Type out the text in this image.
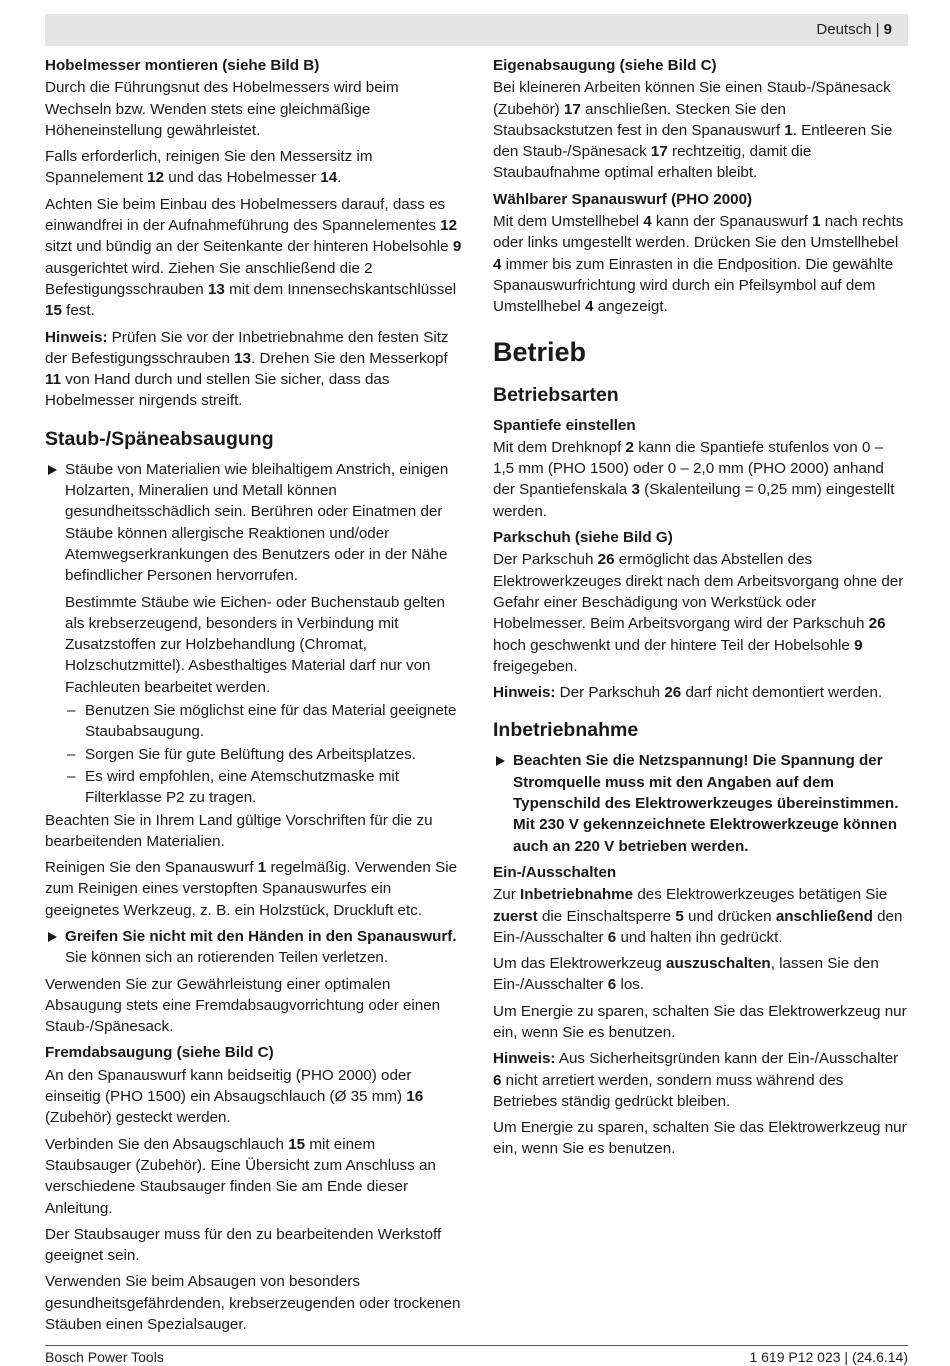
Deutsch | 9

Hobelmesser montieren (siehe Bild B)

Durch die Führungsnut des Hobelmessers wird beim Wechseln bzw. Wenden stets eine gleichmäßige Höheneinstellung gewährleistet.

Falls erforderlich, reinigen Sie den Messersitz im Spannelement 12 und das Hobelmesser 14.

Achten Sie beim Einbau des Hobelmessers darauf, dass es einwandfrei in der Aufnahmeführung des Spannelementes 12 sitzt und bündig an der Seitenkante der hinteren Hobelsohle 9 ausgerichtet wird. Ziehen Sie anschließend die 2 Befestigungsschrauben 13 mit dem Innensechskantschlüssel 15 fest.

Hinweis: Prüfen Sie vor der Inbetriebnahme den festen Sitz der Befestigungsschrauben 13. Drehen Sie den Messerkopf 11 von Hand durch und stellen Sie sicher, dass das Hobelmesser nirgends streift.

Staub-/Späneabsaugung

Stäube von Materialien wie bleihaltigem Anstrich, einigen Holzarten, Mineralien und Metall können gesundheitsschädlich sein. Berühren oder Einatmen der Stäube können allergische Reaktionen und/oder Atemwegserkrankungen des Benutzers oder in der Nähe befindlicher Personen hervorrufen.

Bestimmte Stäube wie Eichen- oder Buchenstaub gelten als krebserzeugend, besonders in Verbindung mit Zusatzstoffen zur Holzbehandlung (Chromat, Holzschutzmittel). Asbesthaltiges Material darf nur von Fachleuten bearbeitet werden.

– Benutzen Sie möglichst eine für das Material geeignete Staubabsaugung.

– Sorgen Sie für gute Belüftung des Arbeitsplatzes.

– Es wird empfohlen, eine Atemschutzmaske mit Filterklasse P2 zu tragen.

Beachten Sie in Ihrem Land gültige Vorschriften für die zu bearbeitenden Materialien.

Reinigen Sie den Spanauswurf 1 regelmäßig. Verwenden Sie zum Reinigen eines verstopften Spanauswurfes ein geeignetes Werkzeug, z. B. ein Holzstück, Druckluft etc.

Greifen Sie nicht mit den Händen in den Spanauswurf. Sie können sich an rotierenden Teilen verletzen.

Verwenden Sie zur Gewährleistung einer optimalen Absaugung stets eine Fremdabsaugvorrichtung oder einen Staub-/Spänesack.

Fremdabsaugung (siehe Bild C)

An den Spanauswurf kann beidseitig (PHO 2000) oder einseitig (PHO 1500) ein Absaugschlauch (Ø 35 mm) 16 (Zubehör) gesteckt werden.

Verbinden Sie den Absaugschlauch 15 mit einem Staubsauger (Zubehör). Eine Übersicht zum Anschluss an verschiedene Staubsauger finden Sie am Ende dieser Anleitung.

Der Staubsauger muss für den zu bearbeitenden Werkstoff geeignet sein.

Verwenden Sie beim Absaugen von besonders gesundheitsgefährdenden, krebserzeugenden oder trockenen Stäuben einen Spezialsauger.

Eigenabsaugung (siehe Bild C)

Bei kleineren Arbeiten können Sie einen Staub-/Spänesack (Zubehör) 17 anschließen. Stecken Sie den Staubsackstutzen fest in den Spanauswurf 1. Entleeren Sie den Staub-/Spänesack 17 rechtzeitig, damit die Staubaufnahme optimal erhalten bleibt.

Wählbarer Spanauswurf (PHO 2000)

Mit dem Umstellhebel 4 kann der Spanauswurf 1 nach rechts oder links umgestellt werden. Drücken Sie den Umstellhebel 4 immer bis zum Einrasten in die Endposition. Die gewählte Spanauswurfrichtung wird durch ein Pfeilsymbol auf dem Umstellhebel 4 angezeigt.

Betrieb
Betriebsarten

Spantiefe einstellen

Mit dem Drehknopf 2 kann die Spantiefe stufenlos von 0 – 1,5 mm (PHO 1500) oder 0 – 2,0 mm (PHO 2000) anhand der Spantiefenskala 3 (Skalenteilung = 0,25 mm) eingestellt werden.

Parkschuh (siehe Bild G)

Der Parkschuh 26 ermöglicht das Abstellen des Elektrowerkzeuges direkt nach dem Arbeitsvorgang ohne der Gefahr einer Beschädigung von Werkstück oder Hobelmesser. Beim Arbeitsvorgang wird der Parkschuh 26 hoch geschwenkt und der hintere Teil der Hobelsohle 9 freigegeben.

Hinweis: Der Parkschuh 26 darf nicht demontiert werden.

Inbetriebnahme

Beachten Sie die Netzspannung! Die Spannung der Stromquelle muss mit den Angaben auf dem Typenschild des Elektrowerkzeuges übereinstimmen. Mit 230 V gekennzeichnete Elektrowerkzeuge können auch an 220 V betrieben werden.

Ein-/Ausschalten

Zur Inbetriebnahme des Elektrowerkzeuges betätigen Sie zuerst die Einschaltsperre 5 und drücken anschließend den Ein-/Ausschalter 6 und halten ihn gedrückt.

Um das Elektrowerkzeug auszuschalten, lassen Sie den Ein-/Ausschalter 6 los.

Um Energie zu sparen, schalten Sie das Elektrowerkzeug nur ein, wenn Sie es benutzen.

Hinweis: Aus Sicherheitsgründen kann der Ein-/Ausschalter 6 nicht arretiert werden, sondern muss während des Betriebes ständig gedrückt bleiben.

Um Energie zu sparen, schalten Sie das Elektrowerkzeug nur ein, wenn Sie es benutzen.

Bosch Power Tools	1 619 P12 023 | (24.6.14)
